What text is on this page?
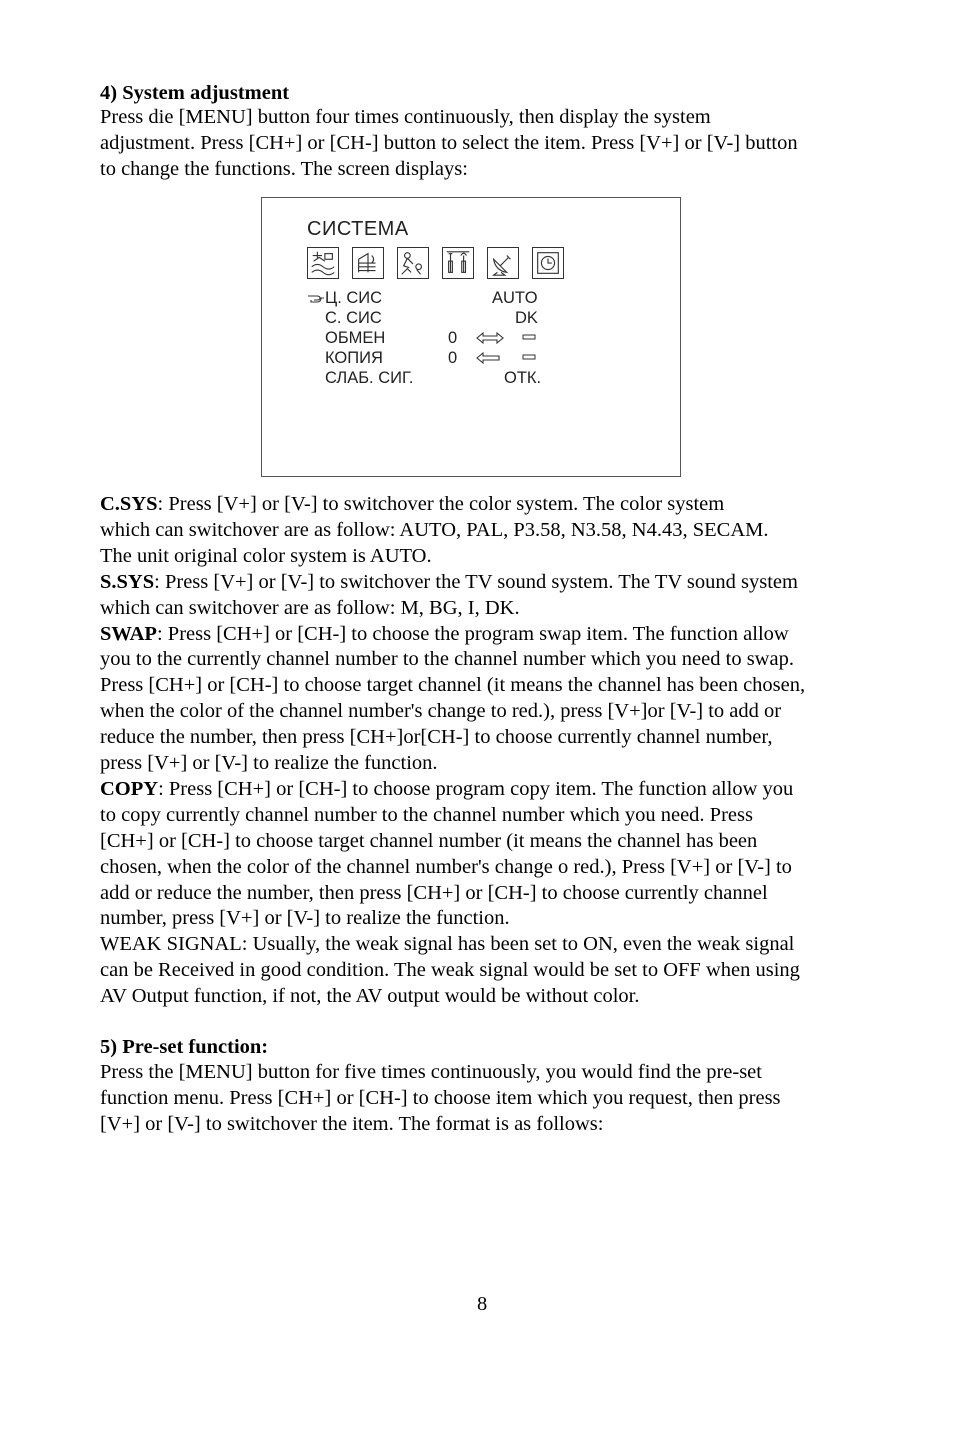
4) System adjustment
Press die [MENU] button four times continuously, then display the system
adjustment. Press [CH+] or [CH-] button to select the item. Press [V+] or [V-] button
to change the functions. The screen displays:
СИСТЕМА
Ц. СИС	AUTO
С. СИС	DK
ОБМЕН	0
КОПИЯ	0
СЛАБ. СИГ.	ОТК.
C.SYS: Press [V+] or [V-] to switchover the color system. The color system
which can switchover are as follow: AUTO, PAL, P3.58, N3.58, N4.43, SECAM.
The unit original color system is AUTO.
S.SYS: Press [V+] or [V-] to switchover the TV sound system. The TV sound system
which can switchover are as follow: M, BG, I, DK.
SWAP: Press [CH+] or [CH-] to choose the program swap item. The function allow
you to the currently channel number to the channel number which you need to swap.
Press [CH+] or [CH-] to choose target channel (it means the channel has been chosen,
when the color of the channel number's change to red.), press [V+]or [V-] to add or
reduce the number, then press [CH+]or[CH-] to choose currently channel number,
press [V+] or [V-] to realize the function.
COPY: Press [CH+] or [CH-] to choose program copy item. The function allow you
to copy currently channel number to the channel number which you need. Press
[CH+] or [CH-] to choose target channel number (it means the channel has been
chosen, when the color of the channel number's change o red.), Press [V+] or [V-] to
add or reduce the number, then press [CH+] or [CH-] to choose currently channel
number, press [V+] or [V-] to realize the function.
WEAK SIGNAL: Usually, the weak signal has been set to ON, even the weak signal
can be Received in good condition. The weak signal would be set to OFF when using
AV Output function, if not, the AV output would be without color.
5) Pre-set function:
Press the [MENU] button for five times continuously, you would find the pre-set
function menu. Press [CH+] or [CH-] to choose item which you request, then press
[V+] or [V-] to switchover the item. The format is as follows:
8
